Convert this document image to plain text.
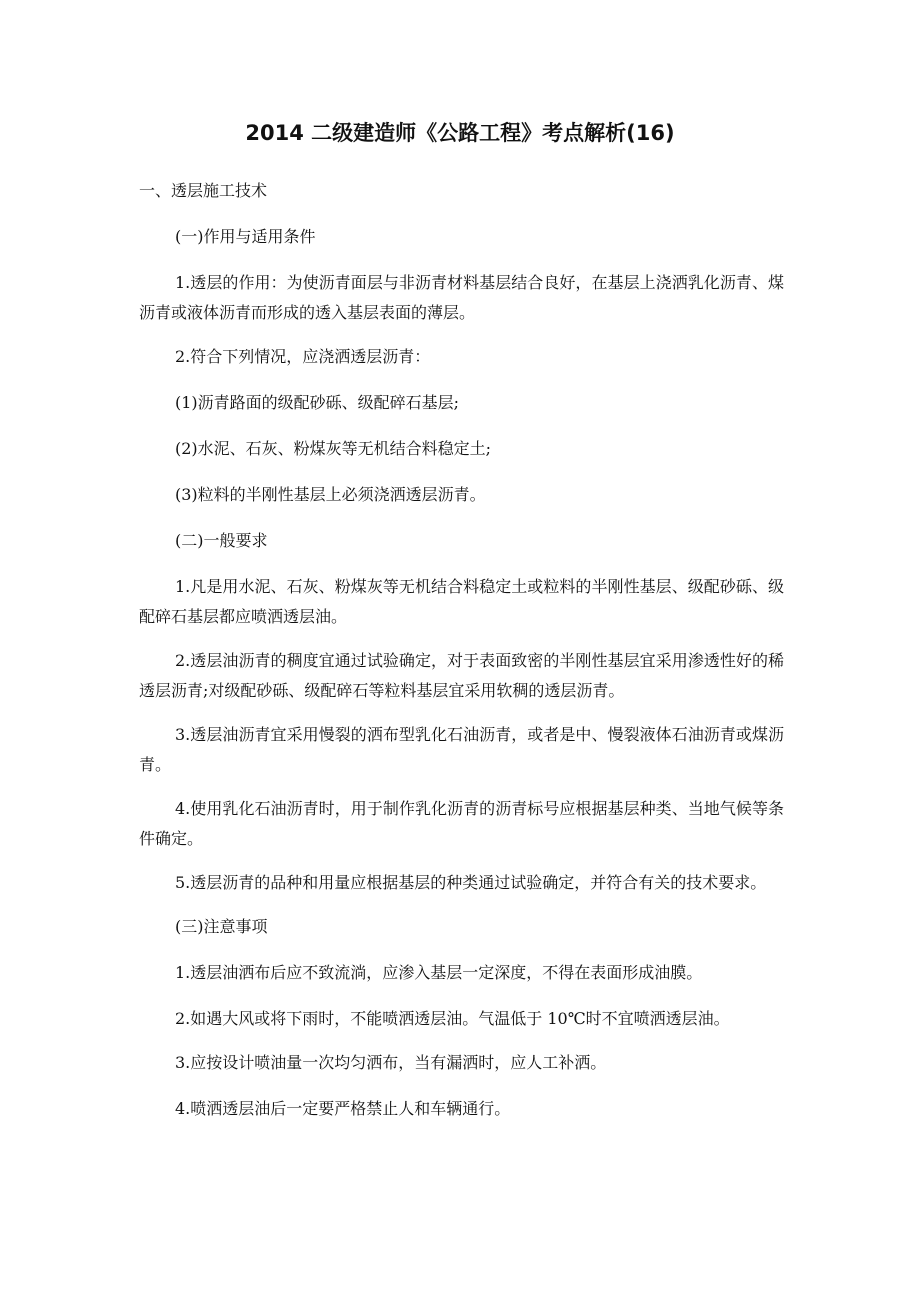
2014 二级建造师《公路工程》考点解析(16)

一、透层施工技术

(一)作用与适用条件

1.透层的作用：为使沥青面层与非沥青材料基层结合良好，在基层上浇洒乳化沥青、煤沥青或液体沥青而形成的透入基层表面的薄层。

2.符合下列情况，应浇洒透层沥青：

(1)沥青路面的级配砂砾、级配碎石基层;

(2)水泥、石灰、粉煤灰等无机结合料稳定土;

(3)粒料的半刚性基层上必须浇洒透层沥青。

(二)一般要求

1.凡是用水泥、石灰、粉煤灰等无机结合料稳定土或粒料的半刚性基层、级配砂砾、级配碎石基层都应喷洒透层油。

2.透层油沥青的稠度宜通过试验确定，对于表面致密的半刚性基层宜采用渗透性好的稀透层沥青;对级配砂砾、级配碎石等粒料基层宜采用软稠的透层沥青。

3.透层油沥青宜采用慢裂的洒布型乳化石油沥青，或者是中、慢裂液体石油沥青或煤沥青。

4.使用乳化石油沥青时，用于制作乳化沥青的沥青标号应根据基层种类、当地气候等条件确定。

5.透层沥青的品种和用量应根据基层的种类通过试验确定，并符合有关的技术要求。

(三)注意事项

1.透层油洒布后应不致流淌，应渗入基层一定深度，不得在表面形成油膜。

2.如遇大风或将下雨时，不能喷洒透层油。气温低于 10℃时不宜喷洒透层油。

3.应按设计喷油量一次均匀洒布，当有漏洒时，应人工补洒。

4.喷洒透层油后一定要严格禁止人和车辆通行。
